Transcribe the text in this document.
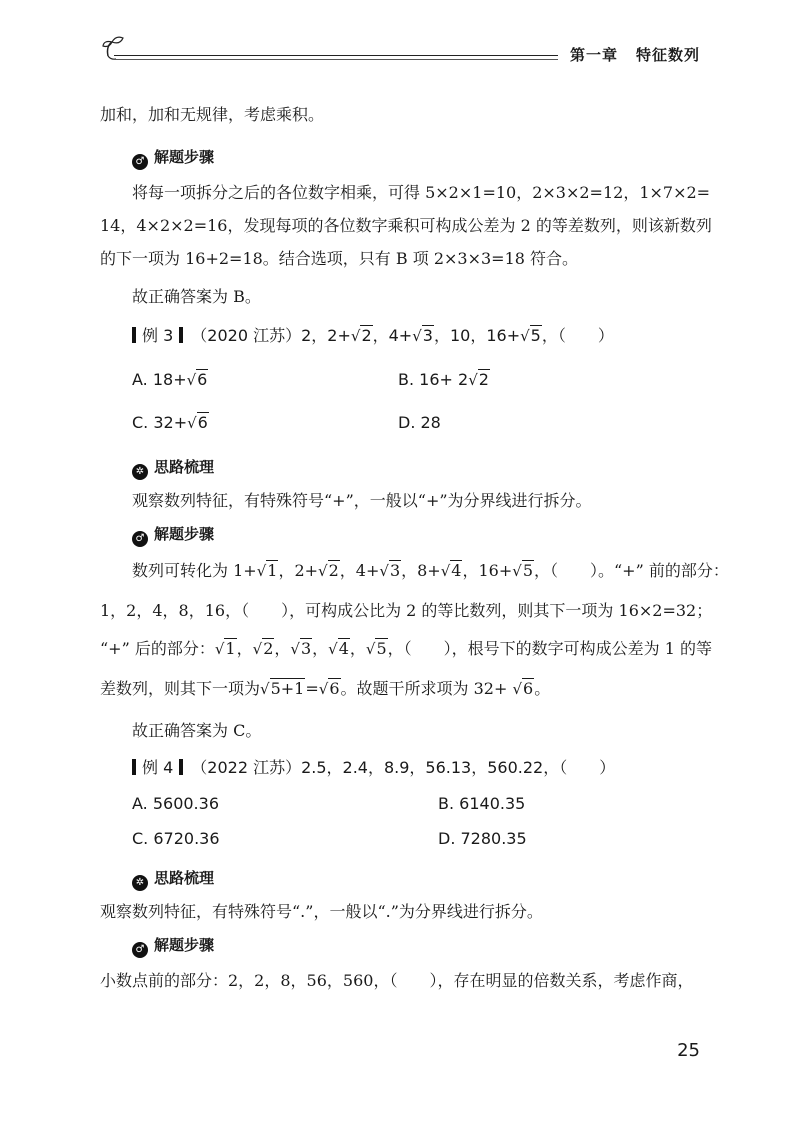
第一章 特征数列
加和，加和无规律，考虑乘积。
♂ 解题步骤
将每一项拆分之后的各位数字相乘，可得 5×2×1=10，2×3×2=12，1×7×2=
14，4×2×2=16，发现每项的各位数字乘积可构成公差为 2 的等差数列，则该新数列
的下一项为 16+2=18。结合选项，只有 B 项 2×3×3=18 符合。
故正确答案为 B。
例 3 （2020 江苏）2，2+√2，4+√3，10，16+√5，（　　）
A. 18+√6	B. 16+ 2√2
C. 32+√6	D. 28
✲ 思路梳理
观察数列特征，有特殊符号“+”，一般以“+”为分界线进行拆分。
♂ 解题步骤
数列可转化为 1+√1，2+√2，4+√3，8+√4，16+√5，（　　）。“+” 前的部分：
1，2，4，8，16，（　　），可构成公比为 2 的等比数列，则其下一项为 16×2=32；
“+” 后的部分：√1，√2，√3，√4，√5，（　　），根号下的数字可构成公差为 1 的等
差数列，则其下一项为√5+1=√6。故题干所求项为 32+ √6。
故正确答案为 C。
例 4 （2022 江苏）2.5，2.4，8.9，56.13，560.22，（　　）
A. 5600.36	B. 6140.35
C. 6720.36	D. 7280.35
✲ 思路梳理
观察数列特征，有特殊符号“.”，一般以“.”为分界线进行拆分。
♂ 解题步骤
小数点前的部分：2，2，8，56，560，（　　），存在明显的倍数关系，考虑作商，
25
